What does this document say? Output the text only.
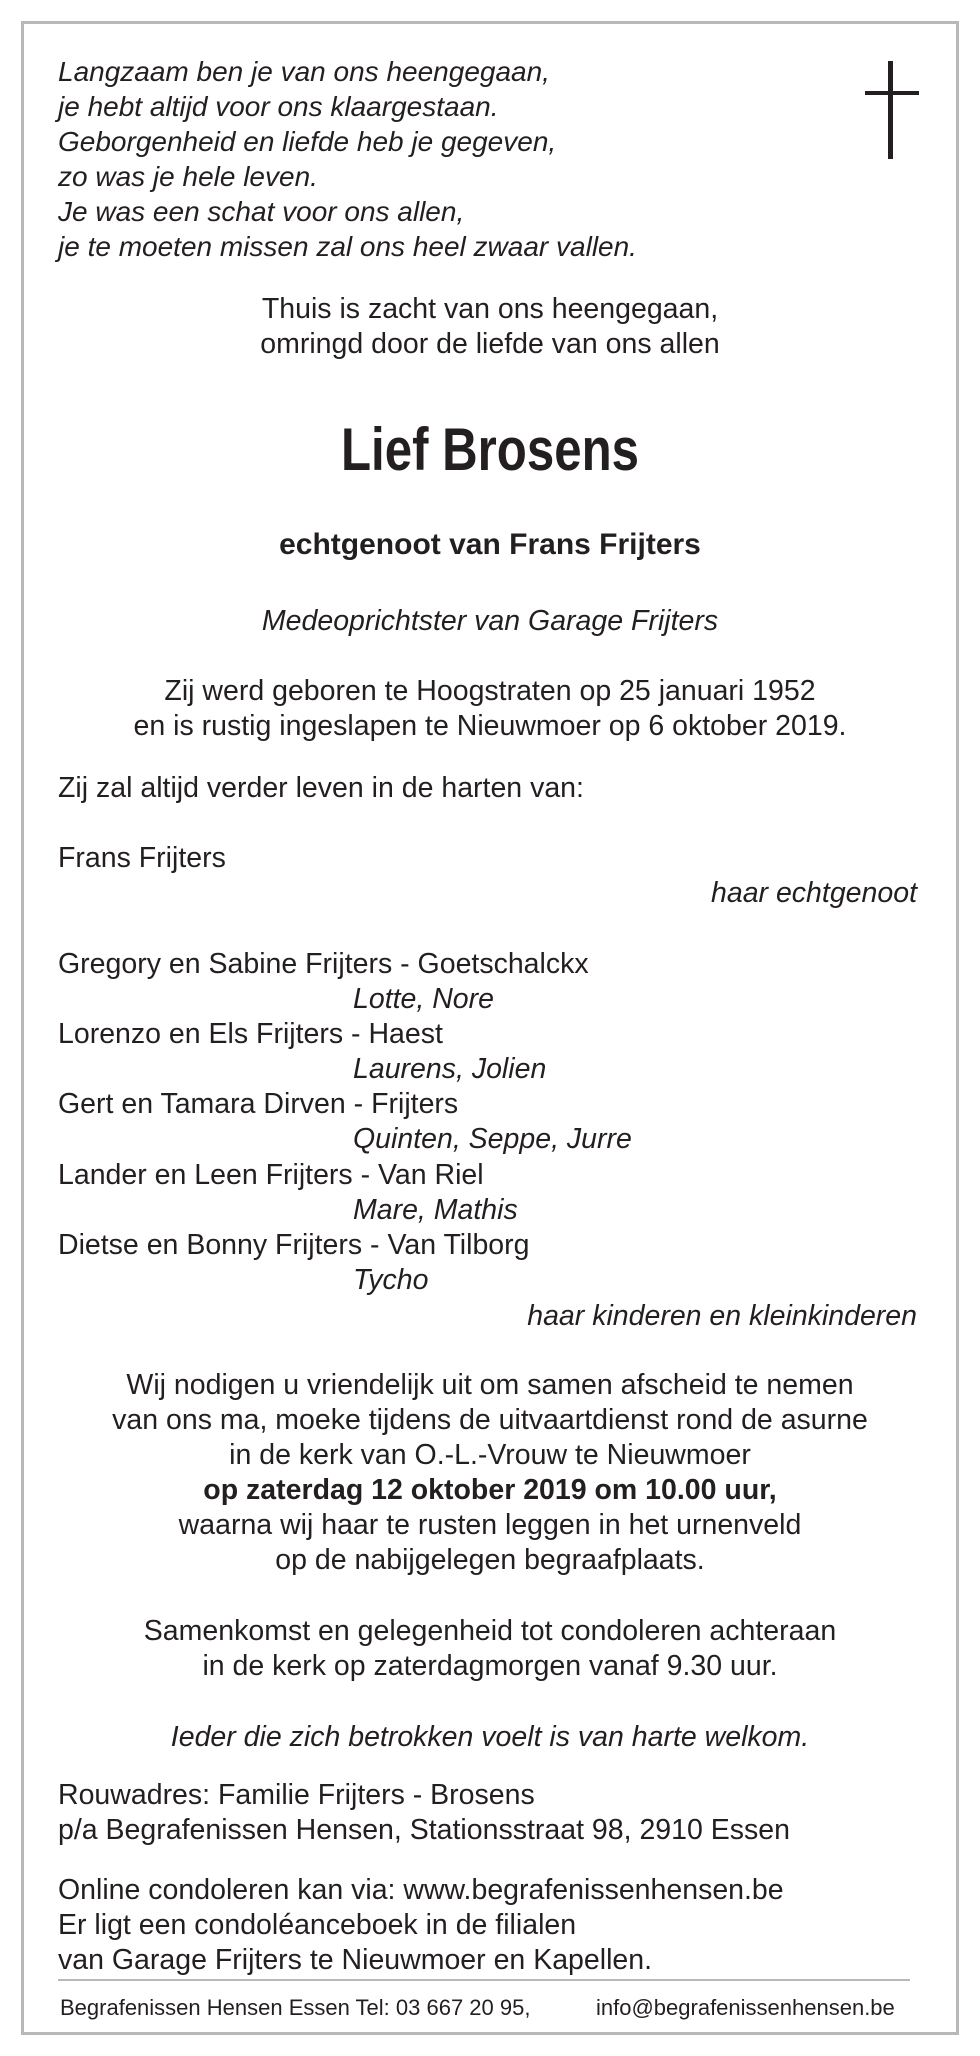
Langzaam ben je van ons heengegaan,
je hebt altijd voor ons klaargestaan.
Geborgenheid en liefde heb je gegeven,
zo was je hele leven.
Je was een schat voor ons allen,
je te moeten missen zal ons heel zwaar vallen.
Thuis is zacht van ons heengegaan,
omringd door de liefde van ons allen
Lief Brosens
echtgenoot van Frans Frijters
Medeoprichtster van Garage Frijters
Zij werd geboren te Hoogstraten op 25 januari 1952
en is rustig ingeslapen te Nieuwmoer op 6 oktober 2019.
Zij zal altijd verder leven in de harten van:
Frans Frijters
haar echtgenoot
Gregory en Sabine Frijters - Goetschalckx
Lotte, Nore
Lorenzo en Els Frijters - Haest
Laurens, Jolien
Gert en Tamara Dirven - Frijters
Quinten, Seppe, Jurre
Lander en Leen Frijters - Van Riel
Mare, Mathis
Dietse en Bonny Frijters - Van Tilborg
Tycho
haar kinderen en kleinkinderen
Wij nodigen u vriendelijk uit om samen afscheid te nemen
van ons ma, moeke tijdens de uitvaartdienst rond de asurne
in de kerk van O.-L.-Vrouw te Nieuwmoer
op zaterdag 12 oktober 2019 om 10.00 uur,
waarna wij haar te rusten leggen in het urnenveld
op de nabijgelegen begraafplaats.
Samenkomst en gelegenheid tot condoleren achteraan
in de kerk op zaterdagmorgen vanaf 9.30 uur.
Ieder die zich betrokken voelt is van harte welkom.
Rouwadres: Familie Frijters - Brosens
p/a Begrafenissen Hensen, Stationsstraat 98, 2910 Essen
Online condoleren kan via: www.begrafenissenhensen.be
Er ligt een condoléanceboek in de filialen
van Garage Frijters te Nieuwmoer en Kapellen.
Begrafenissen Hensen Essen Tel: 03 667 20 95,	info@begrafenissenhensen.be
